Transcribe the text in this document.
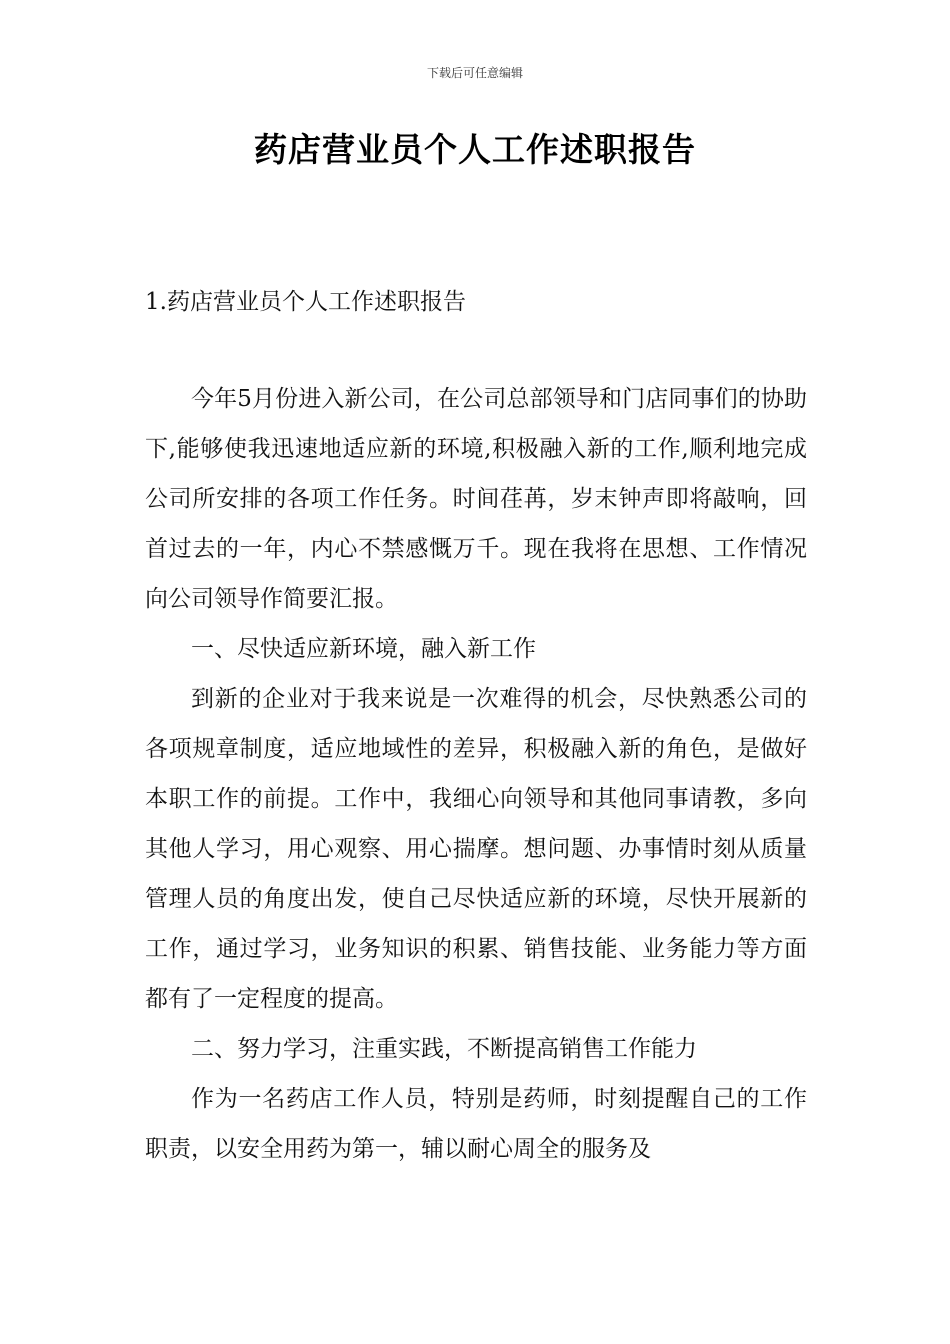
下载后可任意编辑
药店营业员个人工作述职报告
1.药店营业员个人工作述职报告

今年5月份进入新公司，在公司总部领导和门店同事们的协助下,能够使我迅速地适应新的环境,积极融入新的工作,顺利地完成公司所安排的各项工作任务。时间荏苒，岁末钟声即将敲响，回首过去的一年，内心不禁感慨万千。现在我将在思想、工作情况向公司领导作简要汇报。

一、尽快适应新环境，融入新工作

到新的企业对于我来说是一次难得的机会，尽快熟悉公司的各项规章制度，适应地域性的差异，积极融入新的角色，是做好本职工作的前提。工作中，我细心向领导和其他同事请教，多向其他人学习，用心观察、用心揣摩。想问题、办事情时刻从质量管理人员的角度出发，使自己尽快适应新的环境，尽快开展新的工作，通过学习，业务知识的积累、销售技能、业务能力等方面都有了一定程度的提高。

二、努力学习，注重实践，不断提高销售工作能力

作为一名药店工作人员，特别是药师，时刻提醒自己的工作职责，以安全用药为第一，辅以耐心周全的服务及
